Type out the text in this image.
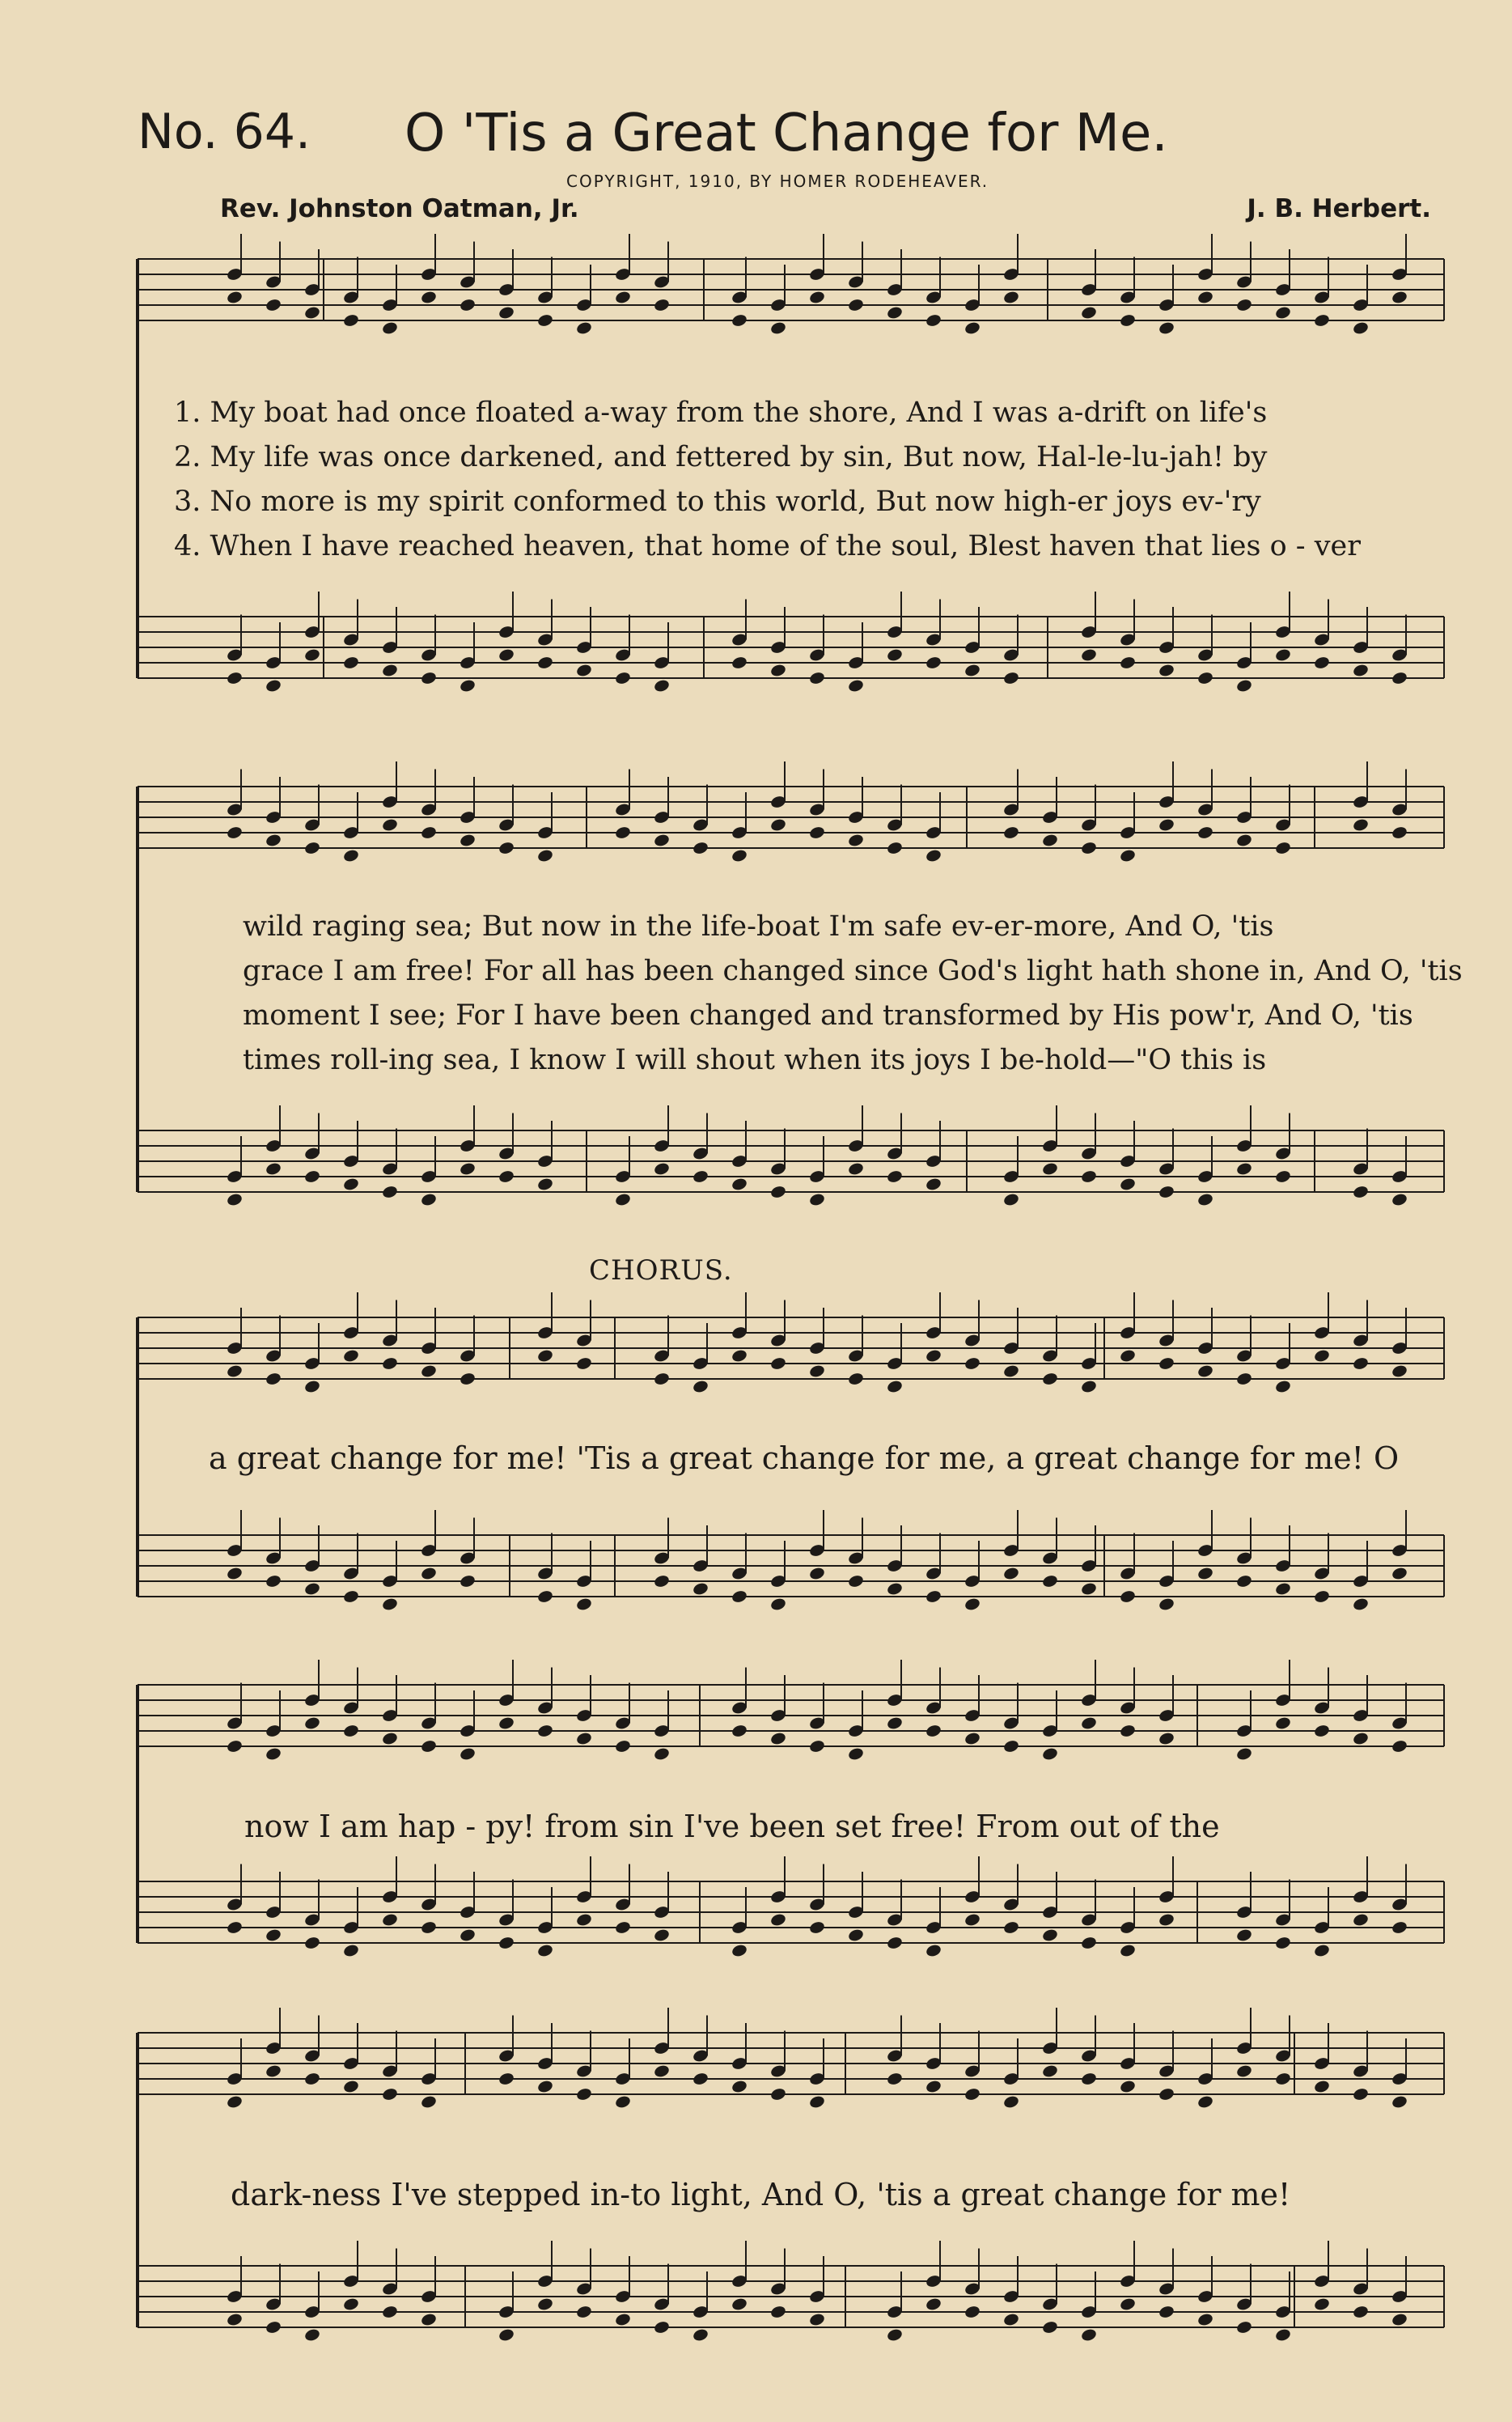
No. 64. O 'Tis a Great Change for Me.
COPYRIGHT, 1910, BY HOMER RODEHEAVER.
Rev. Johnston Oatman, Jr.	J. B. Herbert.
1. My boat had once floated a-way from the shore, And I was a-drift on life's
2. My life was once darkened, and fettered by sin, But now, Hal-le-lu-jah! by
3. No more is my spirit conformed to this world, But now high-er joys ev-'ry
4. When I have reached heaven, that home of the soul, Blest haven that lies o - ver
wild raging sea; But now in the life-boat I'm safe ev-er-more, And O, 'tis
grace I am free! For all has been changed since God's light hath shone in, And O, 'tis
moment I see; For I have been changed and transformed by His pow'r, And O, 'tis
times roll-ing sea, I know I will shout when its joys I be-hold—"O this is
CHORUS.
a great change for me! 'Tis a great change for me, a great change for me! O
now I am hap - py! from sin I've been set free! From out of the
dark-ness I've stepped in-to light, And O, 'tis a great change for me!
